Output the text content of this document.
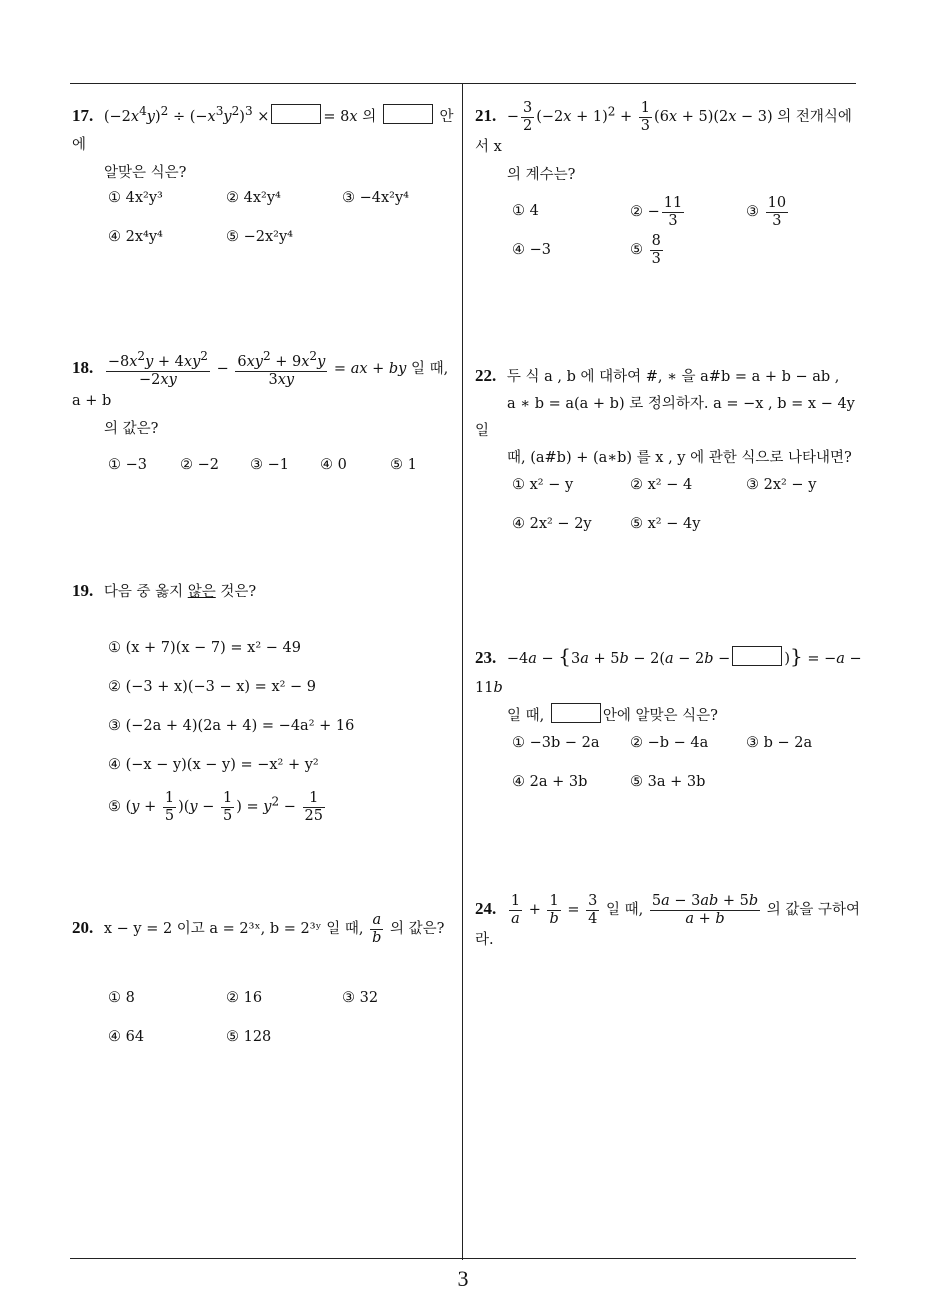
17. $(-2x^4y)^2 \div (-x^3y^2)^3$ ×	= 8x 의	안에
알맞은 식은?
① 4x²y³	② 4x²y⁴	③ −4x²y⁴
④ 2x⁴y⁴	⑤ −2x²y⁴
18. $\frac{-8x^2y + 4xy^2}{-2xy} - \frac{6xy^2 + 9x^2y}{3xy}$ = ax + by 일 때, a + b
의 값은?
① −3 ② −2 ③ −1 ④ 0	⑤ 1
19. 다음 중 옳지 않은 것은?
① (x + 7)(x − 7) = x² − 49
② (−3 + x)(−3 − x) = x² − 9
③ (−2a + 4)(2a + 4) = −4a² + 16
④ (−x − y)(x − y) = −x² + y²
⑤ $(y + \frac{1}{5} )(y - \frac{1}{5}$ ) = $y^2 - \frac{1}{25}$
20. x − y = 2 이고 a = 2³ˣ, b = 2³ʸ 일 때, $\frac{a}{b}$ 의 값은?
① 8	② 16	③ 32
④ 64	⑤ 128
21. − $\frac{3}{2} (-2x + 1)^2 + \frac{1}{3} (6x + 5)(2x - 3)$ 의 전개식에서 x
의 계수는?
① 4	② − $\frac{11}{3}$	③ $\frac{10}{3}$
④ −3	⑤ $\frac{8}{3}$
22. 두 식 a , b 에 대하여 #, ∗ 을 a#b = a + b − ab ,
a ∗ b = a(a + b) 로 정의하자. a = −x , b = x − 4y 일
때, (a#b) + (a∗b) 를 x , y 에 관한 식으로 나타내면?
① x² − y	② x² − 4	③ 2x² − y
④ 2x² − 2y	⑤ x² − 4y
23. −4a − {3a + 5b − 2(a − 2b −	)} = −a − 11b
일 때,	안에 알맞은 식은?
① −3b − 2a ② −b − 4a	③ b − 2a
④ 2a + 3b	⑤ 3a + 3b
24. $\frac{1}{a} + \frac{1}{b} = \frac{3}{4}$ 일 때, $\frac{5a - 3ab + 5b}{a + b}$ 의 값을 구하여라.
3
